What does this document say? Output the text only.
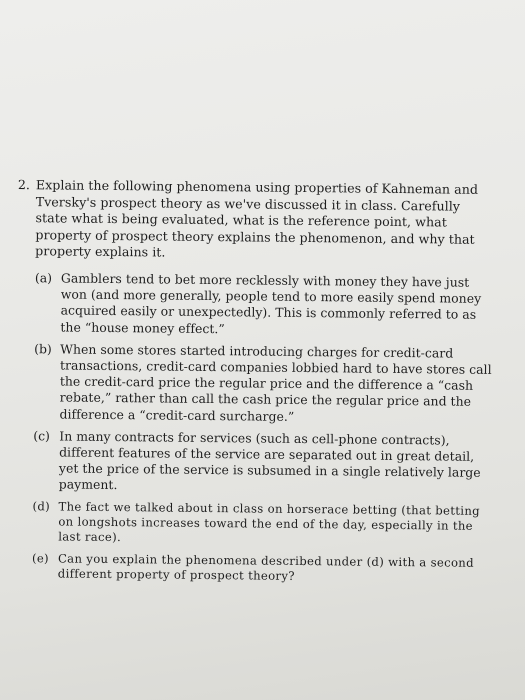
2. Explain the following phenomena using properties of Kahneman and Tversky's prospect theory as we've discussed it in class. Carefully state what is being evaluated, what is the reference point, what property of prospect theory explains the phenomenon, and why that property explains it.
(a) Gamblers tend to bet more recklessly with money they have just won (and more generally, people tend to more easily spend money acquired easily or unexpectedly). This is commonly referred to as the “house money effect.”
(b) When some stores started introducing charges for credit-card transactions, credit-card companies lobbied hard to have stores call the credit-card price the regular price and the difference a “cash rebate,” rather than call the cash price the regular price and the difference a “credit-card surcharge.”
(c) In many contracts for services (such as cell-phone contracts), different features of the service are separated out in great detail, yet the price of the service is subsumed in a single relatively large payment.
(d) The fact we talked about in class on horserace betting (that betting on longshots increases toward the end of the day, especially in the last race).
(e) Can you explain the phenomena described under (d) with a second different property of prospect theory?
